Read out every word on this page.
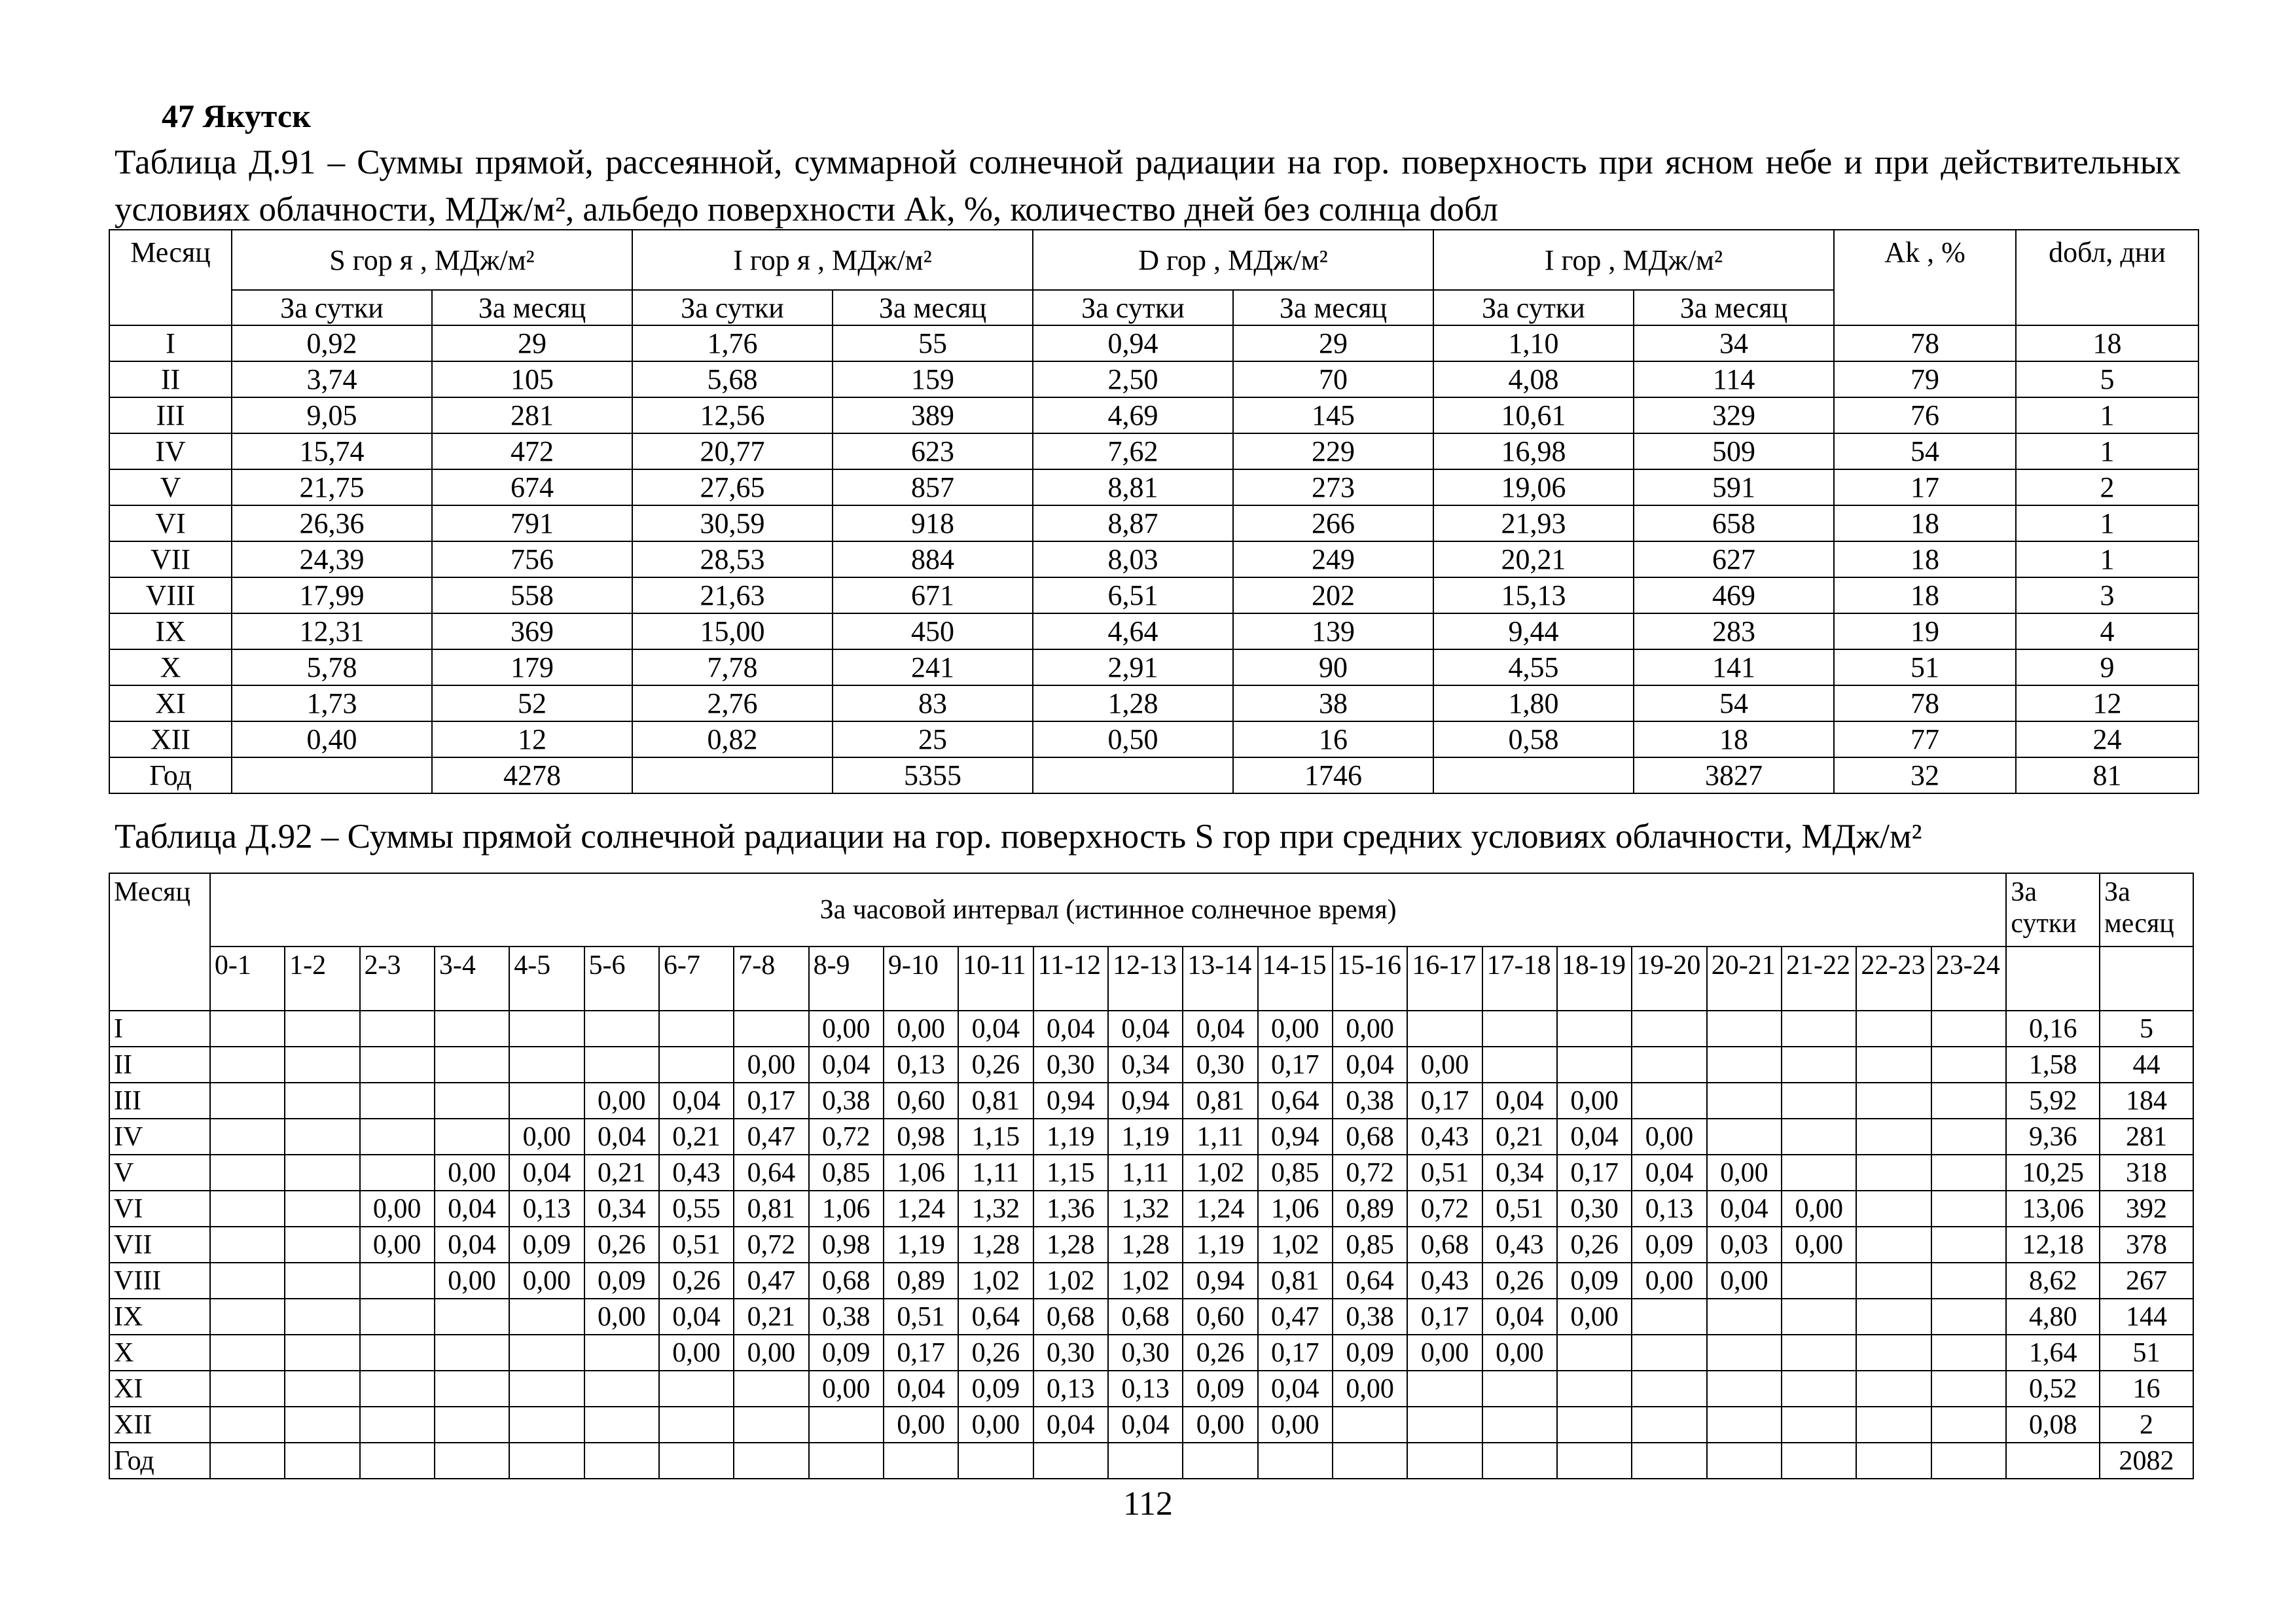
47 Якутск
Таблица Д.91 – Суммы прямой, рассеянной, суммарной солнечной радиации на гор. поверхность при ясном небе и при действительных условиях облачности, МДж/м², альбедо поверхности Ak, %, количество дней без солнца dобл
Месяц	S гор я , МДж/м²		I гор я , МДж/м²		D гор , МДж/м²		I гор , МДж/м²		Ak , %	dобл, дни
	За сутки	За месяц	За сутки	За месяц	За сутки	За месяц	За сутки	За месяц		
I	0,92	29	1,76	55	0,94	29	1,10	34	78	18
II	3,74	105	5,68	159	2,50	70	4,08	114	79	5
III	9,05	281	12,56	389	4,69	145	10,61	329	76	1
IV	15,74	472	20,77	623	7,62	229	16,98	509	54	1
V	21,75	674	27,65	857	8,81	273	19,06	591	17	2
VI	26,36	791	30,59	918	8,87	266	21,93	658	18	1
VII	24,39	756	28,53	884	8,03	249	20,21	627	18	1
VIII	17,99	558	21,63	671	6,51	202	15,13	469	18	3
IX	12,31	369	15,00	450	4,64	139	9,44	283	19	4
X	5,78	179	7,78	241	2,91	90	4,55	141	51	9
XI	1,73	52	2,76	83	1,28	38	1,80	54	78	12
XII	0,40	12	0,82	25	0,50	16	0,58	18	77	24
Год		4278		5355		1746		3827	32	81
Таблица Д.92 – Суммы прямой солнечной радиации на гор. поверхность S гор при средних условиях облачности, МДж/м²
Месяц	За часовой интервал (истинное солнечное время)																								За сутки	За месяц
	0-1	1-2	2-3	3-4	4-5	5-6	6-7	7-8	8-9	9-10	10-11	11-12	12-13	13-14	14-15	15-16	16-17	17-18	18-19	19-20	20-21	21-22	22-23	23-24		
I									0,00	0,00	0,04	0,04	0,04	0,04	0,00	0,00									0,16	5
II								0,00	0,04	0,13	0,26	0,30	0,34	0,30	0,17	0,04	0,00								1,58	44
III						0,00	0,04	0,17	0,38	0,60	0,81	0,94	0,94	0,81	0,64	0,38	0,17	0,04	0,00						5,92	184
IV					0,00	0,04	0,21	0,47	0,72	0,98	1,15	1,19	1,19	1,11	0,94	0,68	0,43	0,21	0,04	0,00					9,36	281
V				0,00	0,04	0,21	0,43	0,64	0,85	1,06	1,11	1,15	1,11	1,02	0,85	0,72	0,51	0,34	0,17	0,04	0,00				10,25	318
VI			0,00	0,04	0,13	0,34	0,55	0,81	1,06	1,24	1,32	1,36	1,32	1,24	1,06	0,89	0,72	0,51	0,30	0,13	0,04	0,00			13,06	392
VII			0,00	0,04	0,09	0,26	0,51	0,72	0,98	1,19	1,28	1,28	1,28	1,19	1,02	0,85	0,68	0,43	0,26	0,09	0,03	0,00			12,18	378
VIII				0,00	0,00	0,09	0,26	0,47	0,68	0,89	1,02	1,02	1,02	0,94	0,81	0,64	0,43	0,26	0,09	0,00	0,00				8,62	267
IX						0,00	0,04	0,21	0,38	0,51	0,64	0,68	0,68	0,60	0,47	0,38	0,17	0,04	0,00						4,80	144
X							0,00	0,00	0,09	0,17	0,26	0,30	0,30	0,26	0,17	0,09	0,00	0,00							1,64	51
XI									0,00	0,04	0,09	0,13	0,13	0,09	0,04	0,00									0,52	16
XII										0,00	0,00	0,04	0,04	0,00	0,00										0,08	2
Год																										2082
112
